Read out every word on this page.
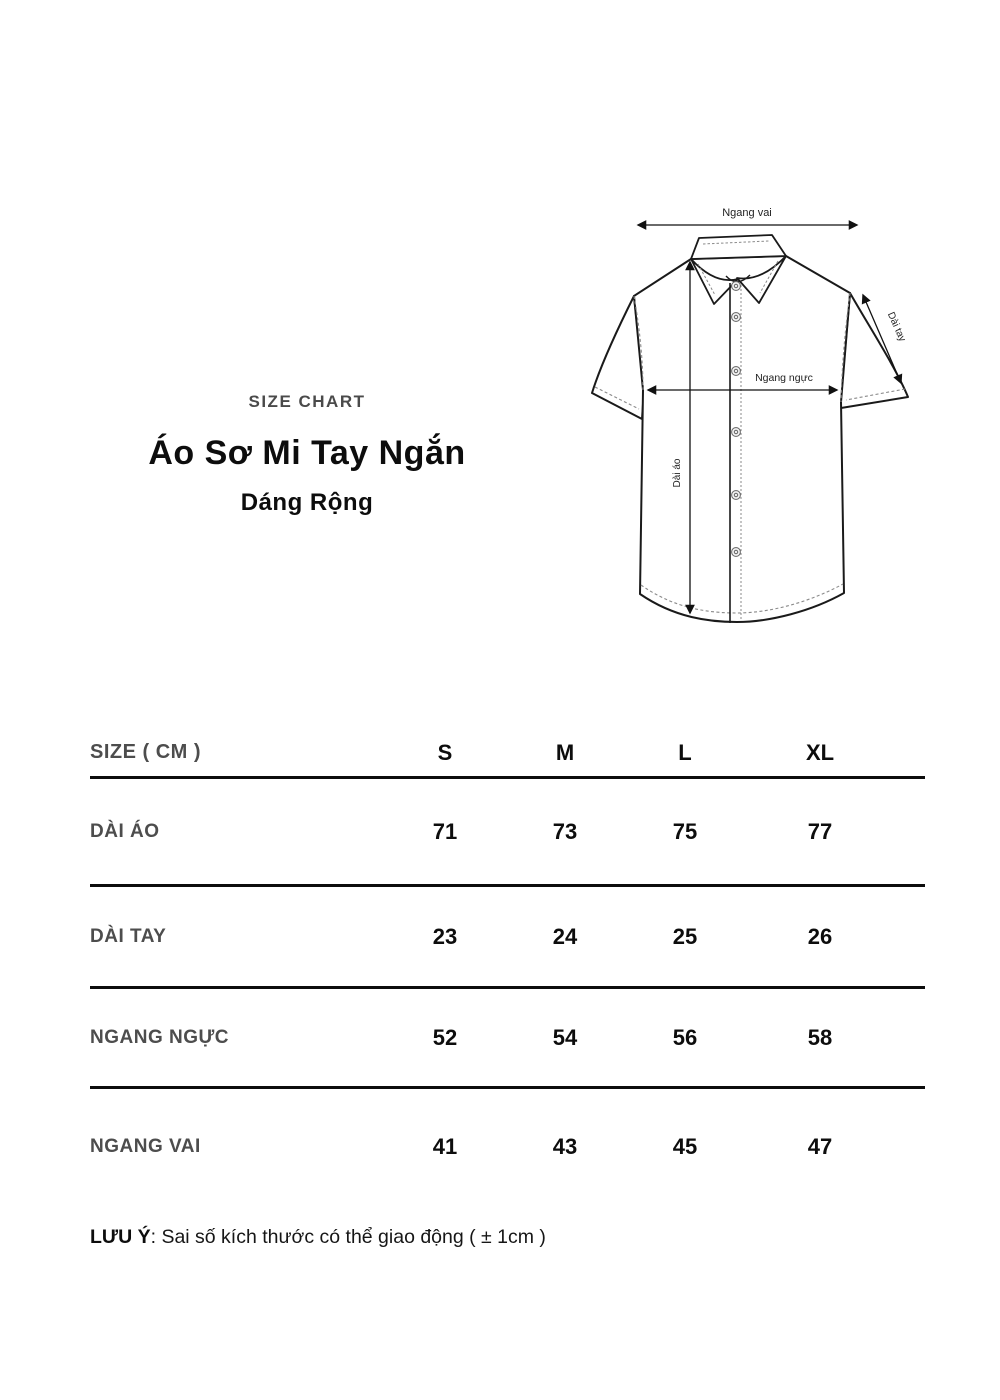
SIZE CHART
Áo Sơ Mi Tay Ngắn
Dáng Rộng
Ngang vai
Ngang ngực
Dài áo
Dài tay
SIZE ( CM )	S	M	L	XL
DÀI ÁO	71	73	75	77
DÀI TAY	23	24	25	26
NGANG NGỰC	52	54	56	58
NGANG VAI	41	43	45	47

LƯU Ý: Sai số kích thước có thể giao động ( ± 1cm )
